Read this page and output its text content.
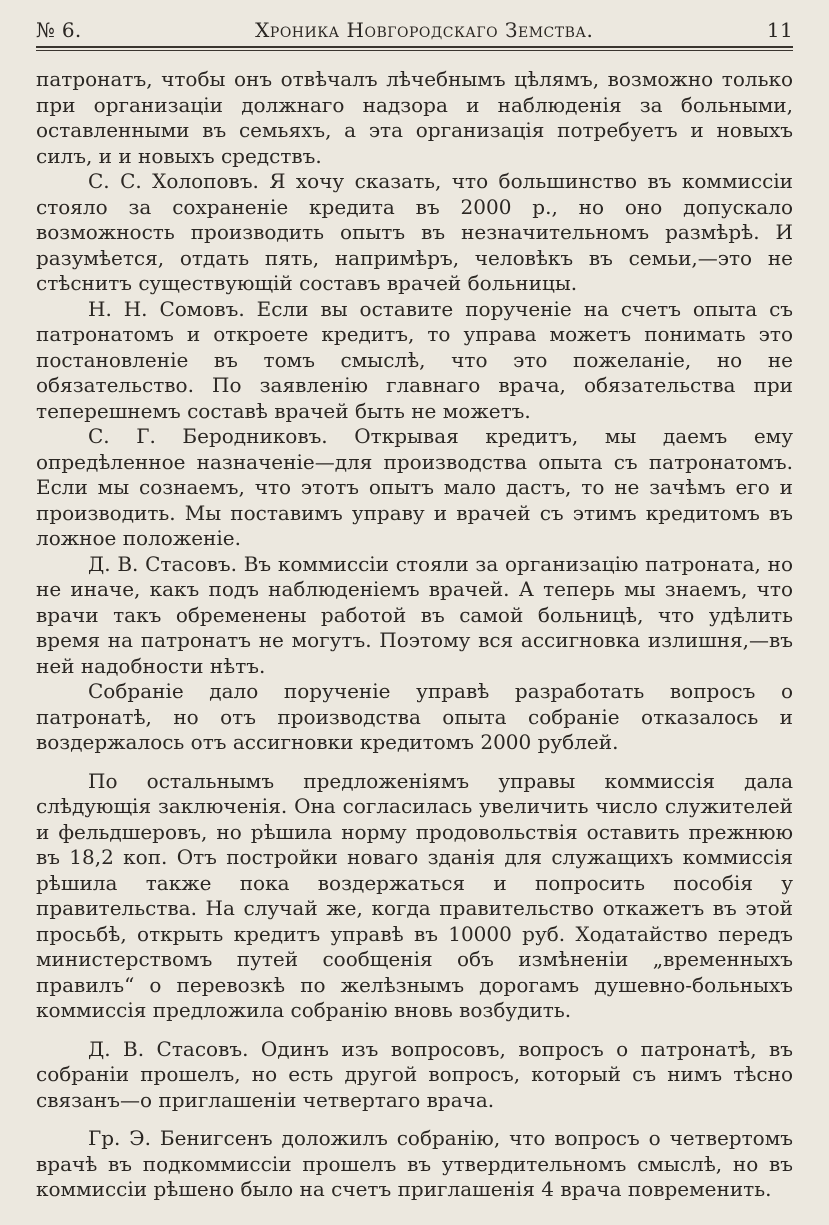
№ 6.	Хроника Новгородскаго Земства.	11

патронатъ, чтобы онъ отвѣчалъ лѣчебнымъ цѣлямъ, возможно только при организаціи должнаго надзора и наблюденія за больными, оставленными въ семьяхъ, а эта организація потребуетъ и новыхъ силъ, и и новыхъ средствъ.

С. С. Холоповъ. Я хочу сказать, что большинство въ коммиссіи стояло за сохраненіе кредита въ 2000 р., но оно допускало возможность производить опытъ въ незначительномъ размѣрѣ. И разумѣется, отдать пять, напримѣръ, человѣкъ въ семьи,—это не стѣснитъ существующій составъ врачей больницы.

Н. Н. Сомовъ. Если вы оставите порученіе на счетъ опыта съ патронатомъ и откроете кредитъ, то управа можетъ понимать это постановленіе въ томъ смыслѣ, что это пожеланіе, но не обязательство. По заявленію главнаго врача, обязательства при теперешнемъ составѣ врачей быть не можетъ.

С. Г. Беродниковъ. Открывая кредитъ, мы даемъ ему опредѣленное назначеніе—для производства опыта съ патронатомъ. Если мы сознаемъ, что этотъ опытъ мало дастъ, то не зачѣмъ его и производить. Мы поставимъ управу и врачей съ этимъ кредитомъ въ ложное положеніе.

Д. В. Стасовъ. Въ коммиссіи стояли за организацію патроната, но не иначе, какъ подъ наблюденіемъ врачей. А теперь мы знаемъ, что врачи такъ обременены работой въ самой больницѣ, что удѣлить время на патронатъ не могутъ. Поэтому вся ассигновка излишня,—въ ней надобности нѣтъ.

Собраніе дало порученіе управѣ разработать вопросъ о патронатѣ, но отъ производства опыта собраніе отказалось и воздержалось отъ ассигновки кредитомъ 2000 рублей.

По остальнымъ предложеніямъ управы коммиссія дала слѣдующія заключенія. Она согласилась увеличить число служителей и фельдшеровъ, но рѣшила норму продовольствія оставить прежнюю въ 18,2 коп. Отъ постройки новаго зданія для служащихъ коммиссія рѣшила также пока воздержаться и попросить пособія у правительства. На случай же, когда правительство откажетъ въ этой просьбѣ, открыть кредитъ управѣ въ 10000 руб. Ходатайство передъ министерствомъ путей сообщенія объ измѣненіи „временныхъ правилъ“ о перевозкѣ по желѣзнымъ дорогамъ душевно-больныхъ коммиссія предложила собранію вновь возбудить.

Д. В. Стасовъ. Одинъ изъ вопросовъ, вопросъ о патронатѣ, въ собраніи прошелъ, но есть другой вопросъ, который съ нимъ тѣсно связанъ—о приглашеніи четвертаго врача.

Гр. Э. Бенигсенъ доложилъ собранію, что вопросъ о четвертомъ врачѣ въ подкоммиссіи прошелъ въ утвердительномъ смыслѣ, но въ коммиссіи рѣшено было на счетъ приглашенія 4 врача повременить.
